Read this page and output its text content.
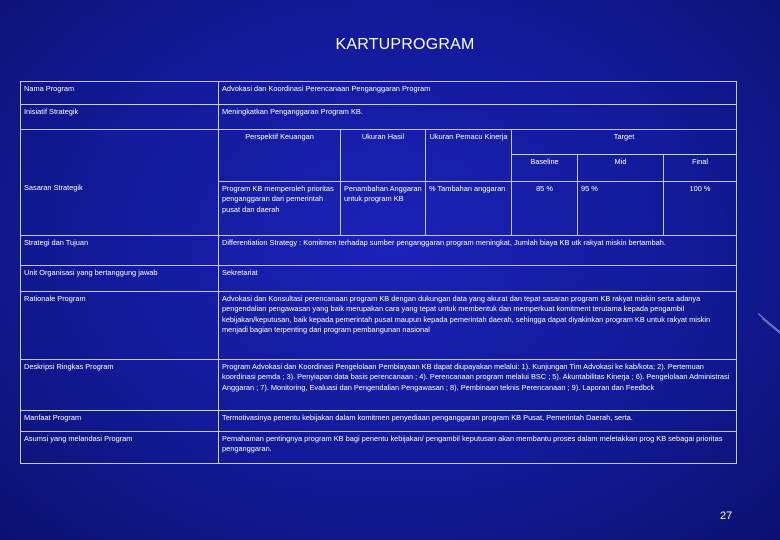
KARTUPROGRAM
Nama Program	Advokasi dan Koordinasi Perencanaan Penganggaran Program					
Inisiatif Strategik	Meningkatkan Penganggaran Program KB.					
Sasaran Strategik	Perspektif Keuangan	Ukuran Hasil	Ukuran Pemacu Kinerja	Target		
				Baseline	Mid	Final
	Program KB memperoleh prioritas penganggaran dari pemerintah pusat dan daerah	Penambahan Anggaran untuk program KB	% Tambahan anggaran	85 %	95 %	100 %
Strategi dan Tujuan	Differentiation Strategy : Komitmen terhadap sumber penganggaran program meningkat, Jumlah biaya KB utk rakyat miskin bertambah.					
Unit Organisasi yang bertanggung jawab	Sekretariat					
Rationale Program	Advokasi dan Konsultasi perencanaan program KB dengan dukungan data yang akurat dan tepat sasaran program KB rakyat miskin serta adanya pengendalian pengawasan yang baik merupakan cara yang tepat untuk membentuk dan memperkuat komitment terutama kepada pengambil kebijakan/keputusan, baik kepada pemerintah pusat maupun kepada pemerintah daerah, sehingga dapat diyakinkan program KB untuk rakyat miskin menjadi bagian terpenting dari program pembangunan nasional					
Deskripsi Ringkas Program	Program Advokasi dan Koordinasi Pengelolaan Pembiayaan KB dapat diupayakan melalui: 1). Kunjungan Tim Advokasi ke kab/kota; 2). Pertemuan koordinasi pemda ; 3). Penyiapan data basis perencanaan ; 4). Perencanaan program melalui BSC ; 5). Akuntabilitas Kinerja ; 6). Pengelolaan Administrasi Anggaran ; 7). Monitoring, Evaluasi dan Pengendalian Pengawasan ; 8). Pembinaan teknis Perencanaan ; 9). Laporan dan Feedbck					
Manfaat Program	Termotivasinya penentu kebijakan dalam komitmen penyediaan penganggaran program KB Pusat, Pemerintah Daerah, serta.					
Asumsi yang melandasi Program	Pemahaman pentingnya program KB bagi penentu kebijakan/ pengambil keputusan akan membantu proses dalam meletakkan prog KB sebagai prioritas penganggaran.					
27
